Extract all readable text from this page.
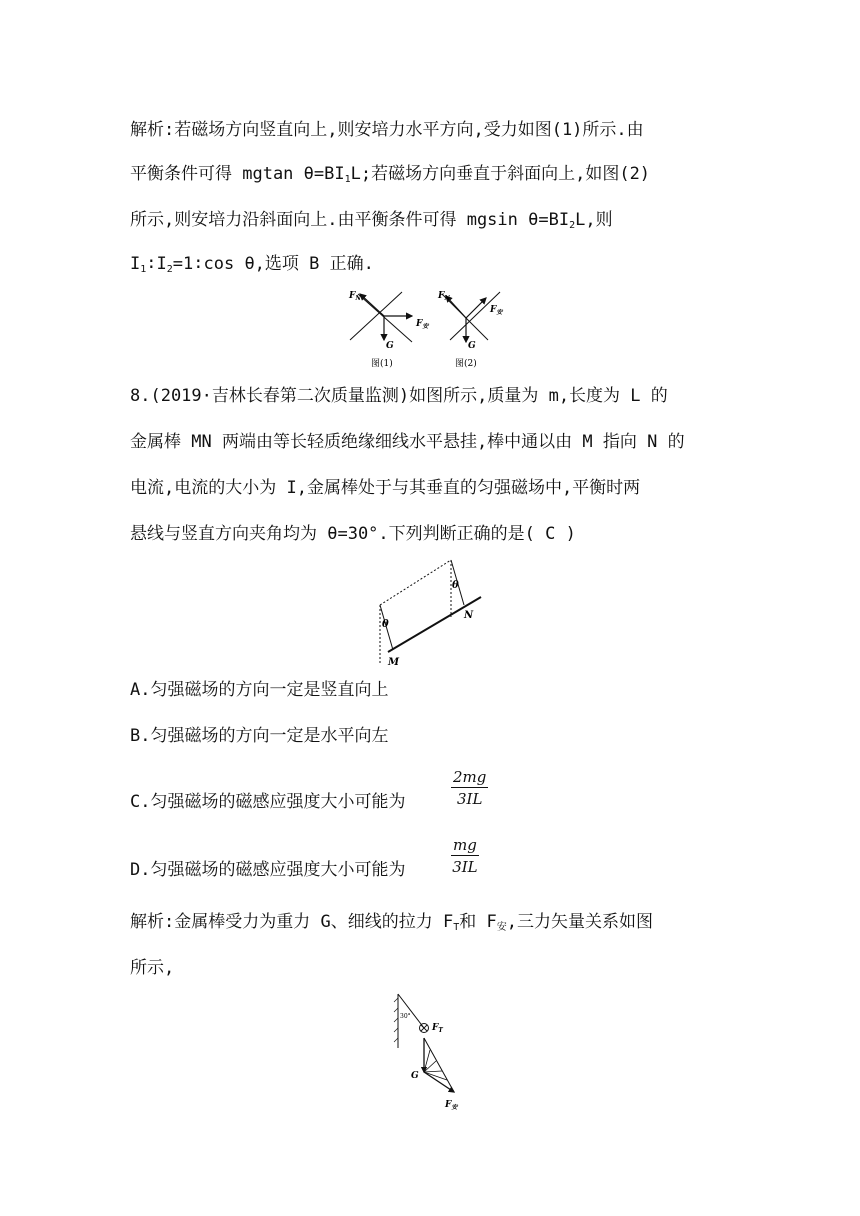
解析:若磁场方向竖直向上,则安培力水平方向,受力如图(1)所示.由
平衡条件可得 mgtan $\theta=BI_1L$;若磁场方向垂直于斜面向上,如图(2)
所示,则安培力沿斜面向上.由平衡条件可得 mgsin $\theta=BI_2L$,则
$I_1∶I_2=1∶\cos$ θ,选项 B 正确.
$F_N$
$F_安$
G
图(1)
$F_N$
$F_安$
G
图(2)
8.(2019·吉林长春第二次质量监测)如图所示,质量为 m,长度为 L 的
金属棒 MN 两端由等长轻质绝缘细线水平悬挂,棒中通以由 M 指向 N 的
电流,电流的大小为 I,金属棒处于与其垂直的匀强磁场中,平衡时两
悬线与竖直方向夹角均为 θ=30°.下列判断正确的是( C )
θ
θ
M
N
A.匀强磁场的方向一定是竖直向上
B.匀强磁场的方向一定是水平向左
C.匀强磁场的磁感应强度大小可能为	$\frac{2mg}{3IL}$
D.匀强磁场的磁感应强度大小可能为	$\frac{mg}{3IL}$
解析:金属棒受力为重力 G、细线的拉力 $F_T$和 $F_安$,三力矢量关系如图
所示,
30°
$F_T$
G
$F_安$
